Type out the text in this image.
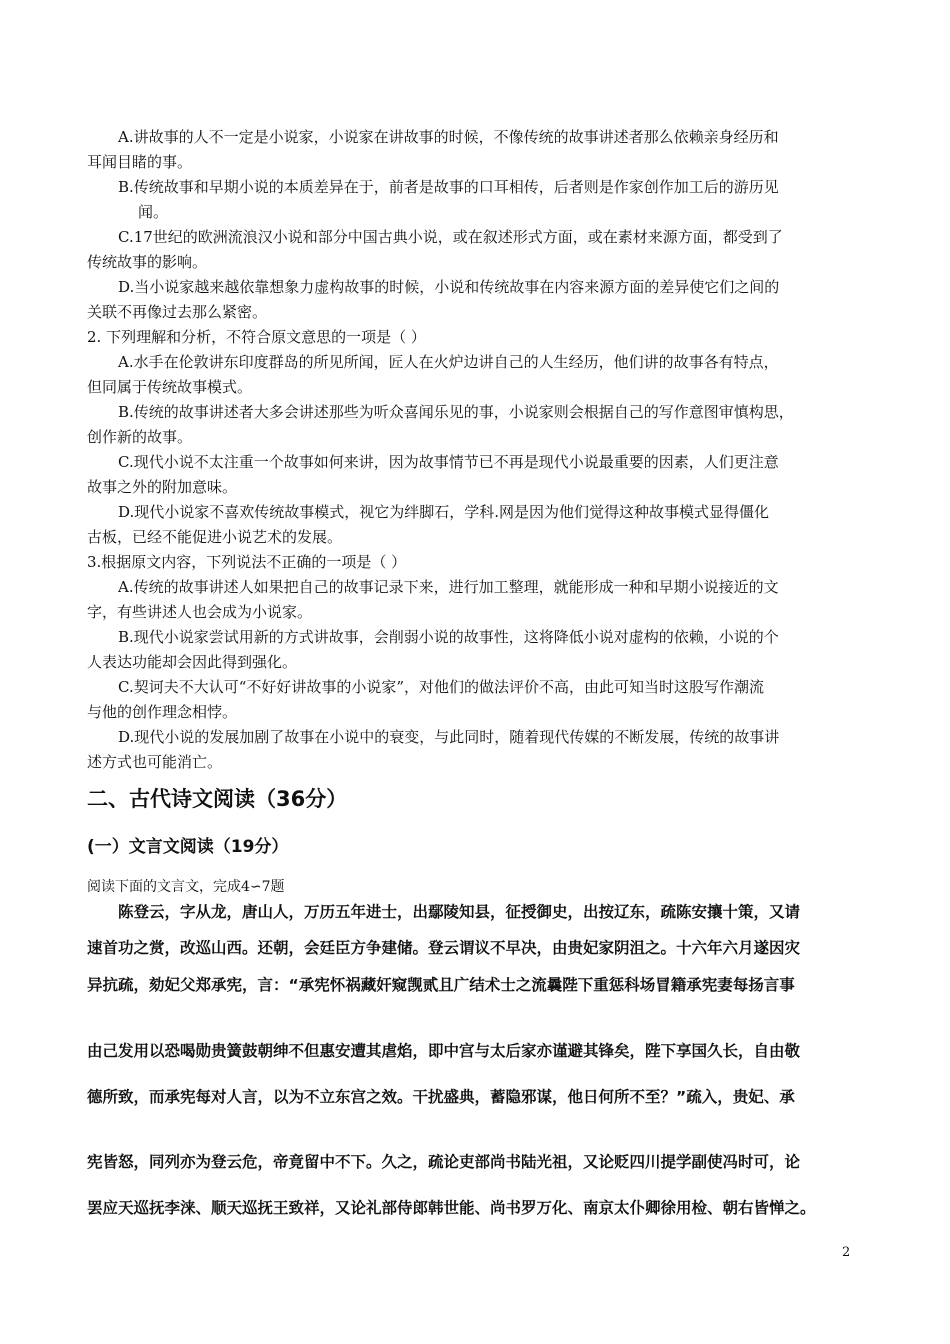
A.讲故事的人不一定是小说家，小说家在讲故事的时候，不像传统的故事讲述者那么依赖亲身经历和
耳闻目睹的事。
B.传统故事和早期小说的本质差异在于，前者是故事的口耳相传，后者则是作家创作加工后的游历见
闻。
C.17世纪的欧洲流浪汉小说和部分中国古典小说，或在叙述形式方面，或在素材来源方面，都受到了
传统故事的影响。
D.当小说家越来越依靠想象力虚构故事的时候，小说和传统故事在内容来源方面的差异使它们之间的
关联不再像过去那么紧密。
2. 下列理解和分析，不符合原文意思的一项是（ ）
A.水手在伦敦讲东印度群岛的所见所闻，匠人在火炉边讲自己的人生经历，他们讲的故事各有特点，
但同属于传统故事模式。
B.传统的故事讲述者大多会讲述那些为听众喜闻乐见的事，小说家则会根据自己的写作意图审慎构思，
创作新的故事。
C.现代小说不太注重一个故事如何来讲，因为故事情节已不再是现代小说最重要的因素，人们更注意
故事之外的附加意味。
D.现代小说家不喜欢传统故事模式，视它为绊脚石，学科.网是因为他们觉得这种故事模式显得僵化
古板，已经不能促进小说艺术的发展。
3.根据原文内容，下列说法不正确的一项是（ ）
A.传统的故事讲述人如果把自己的故事记录下来，进行加工整理，就能形成一种和早期小说接近的文
字，有些讲述人也会成为小说家。
B.现代小说家尝试用新的方式讲故事，会削弱小说的故事性，这将降低小说对虚构的依赖，小说的个
人表达功能却会因此得到强化。
C.契诃夫不大认可“不好好讲故事的小说家”，对他们的做法评价不高，由此可知当时这股写作潮流
与他的创作理念相悖。
D.现代小说的发展加剧了故事在小说中的衰变，与此同时，随着现代传媒的不断发展，传统的故事讲
述方式也可能消亡。
二、古代诗文阅读（36分）
(一）文言文阅读（19分）
阅读下面的文言文，完成4∽7题
陈登云，字从龙，唐山人，万历五年进士，出鄢陵知县，征授御史，出按辽东，疏陈安攘十策，又请
速首功之赏，改巡山西。还朝，会廷臣方争建储。登云谓议不早决，由贵妃家阴沮之。十六年六月遂因灾
异抗疏，劾妃父郑承宪，言：“承宪怀祸藏奸窥觊贰且广结术士之流曩陛下重惩科场冒籍承宪妻每扬言事
由己发用以恐喝勋贵簧鼓朝绅不但惠安遭其虐焰，即中宫与太后家亦谨避其锋矣，陛下享国久长，自由敬
德所致，而承宪每对人言，以为不立东宫之效。干扰盛典，蓄隐邪谋，他日何所不至？”疏入，贵妃、承
宪皆怒，同列亦为登云危，帝竟留中不下。久之，疏论吏部尚书陆光祖，又论贬四川提学副使冯时可，论
罢应天巡抚李涞、顺天巡抚王致祥，又论礼部侍郎韩世能、尚书罗万化、南京太仆卿徐用检、朝右皆惮之。
2
